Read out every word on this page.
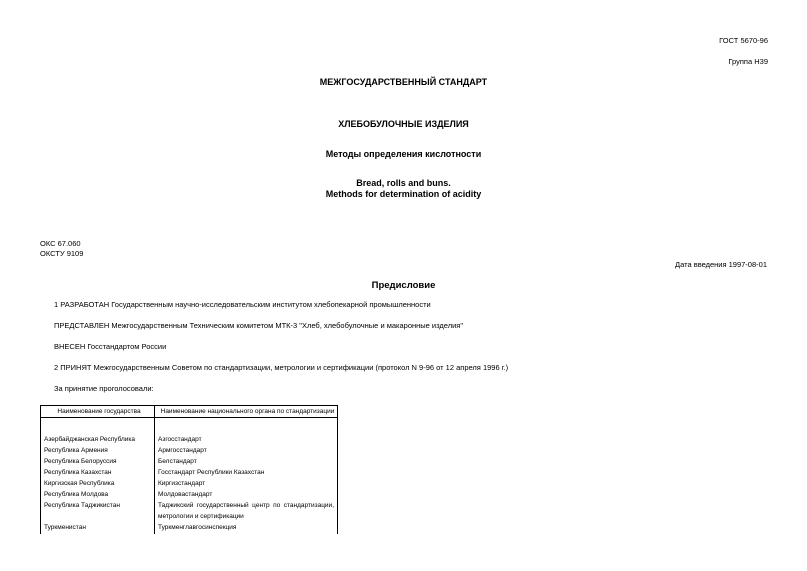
ГОСТ 5670-96
Группа Н39
МЕЖГОСУДАРСТВЕННЫЙ СТАНДАРТ
ХЛЕБОБУЛОЧНЫЕ ИЗДЕЛИЯ
Методы определения кислотности
Bread, rolls and buns.
Methods for determination of acidity
ОКС 67.060
ОКСТУ 9109
Дата введения 1997-08-01
Предисловие
1 РАЗРАБОТАН Государственным научно-исследовательским институтом хлебопекарной промышленности
ПРЕДСТАВЛЕН Межгосударственным Техническим комитетом МТК-3 "Хлеб, хлебобулочные и макаронные изделия"
ВНЕСЕН Госстандартом России
2 ПРИНЯТ Межгосударственным Советом по стандартизации, метрологии и сертификации (протокол N 9-96 от 12 апреля 1996 г.)
За принятие проголосовали:
Наименование государства	Наименование национального органа по стандартизации

Азербайджанская Республика	Азгосстандарт
Республика Армения	Армгосстандарт
Республика Белоруссия	Белстандарт
Республика Казахстан	Госстандарт Республики Казахстан
Киргизская Республика	Киргизстандарт
Республика Молдова	Молдовастандарт
Республика Таджикистан	Таджикский государственный центр по стандартизации, метрологии и сертификации
Туркменистан	Туркменглавгосинспекция
